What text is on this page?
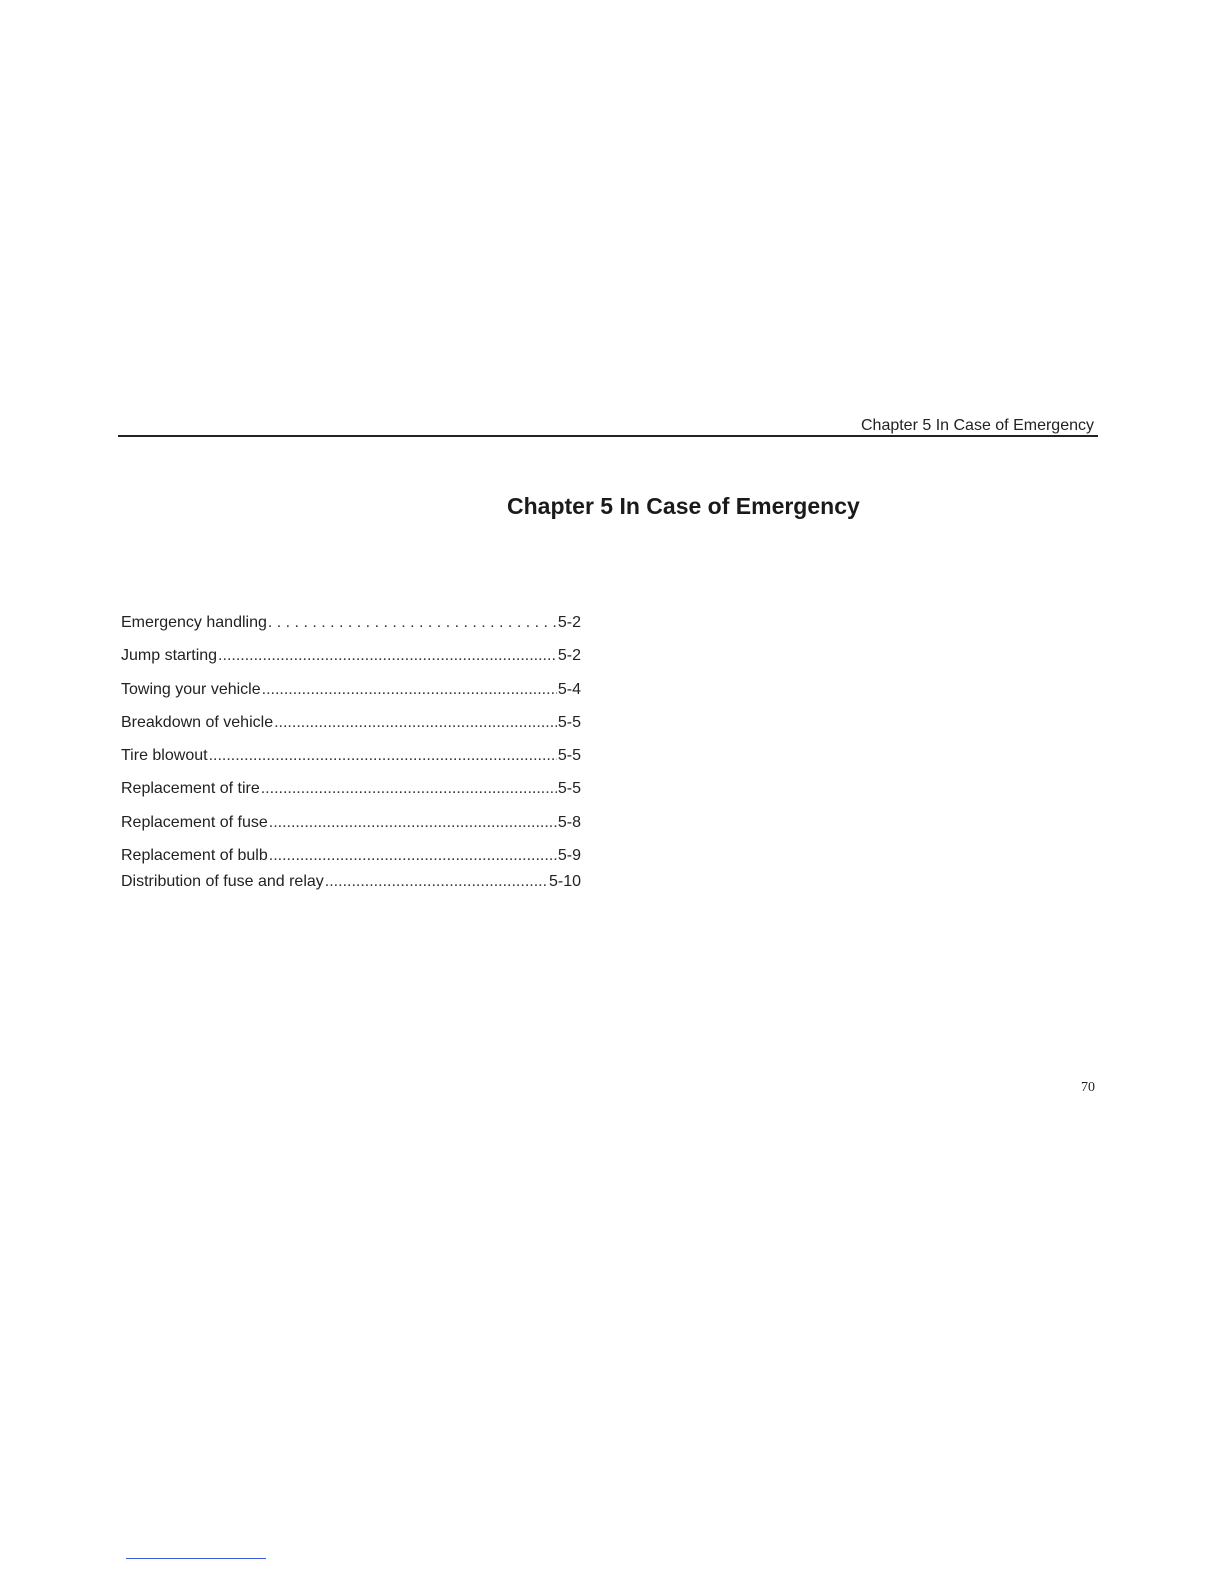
Chapter 5 In Case of Emergency
Chapter 5 In Case of Emergency
Emergency handling . . .	5-2
Jump starting .....	5-2
Towing your vehicle .....	5-4
Breakdown of vehicle .....	5-5
Tire blowout .....	5-5
Replacement of tire .....	5-5
Replacement of fuse .....	5-8
Replacement of bulb .....	5-9
Distribution of fuse and relay .....	5-10
70
